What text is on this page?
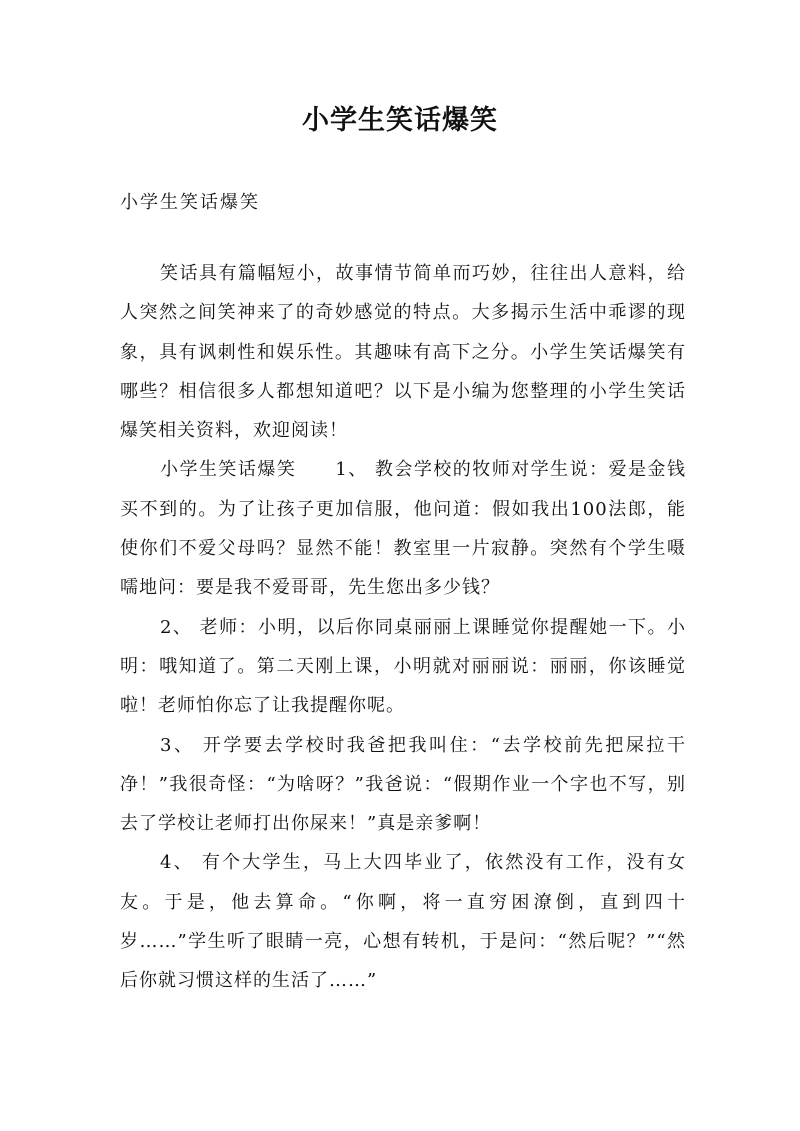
小学生笑话爆笑
小学生笑话爆笑

笑话具有篇幅短小，故事情节简单而巧妙，往往出人意料，给人突然之间笑神来了的奇妙感觉的特点。大多揭示生活中乖谬的现象，具有讽刺性和娱乐性。其趣味有高下之分。小学生笑话爆笑有哪些？相信很多人都想知道吧？以下是小编为您整理的小学生笑话爆笑相关资料，欢迎阅读！

小学生笑话爆笑　　1、 教会学校的牧师对学生说：爱是金钱买不到的。为了让孩子更加信服，他问道：假如我出100法郎，能使你们不爱父母吗？显然不能！教室里一片寂静。突然有个学生嗫嚅地问：要是我不爱哥哥，先生您出多少钱？

2、 老师：小明，以后你同桌丽丽上课睡觉你提醒她一下。小明：哦知道了。第二天刚上课，小明就对丽丽说：丽丽，你该睡觉啦！老师怕你忘了让我提醒你呢。

3、 开学要去学校时我爸把我叫住：“去学校前先把屎拉干净！”我很奇怪：“为啥呀？”我爸说：“假期作业一个字也不写，别去了学校让老师打出你屎来！”真是亲爹啊！

4、 有个大学生，马上大四毕业了，依然没有工作，没有女友。于是，他去算命。“你啊，将一直穷困潦倒，直到四十岁……”学生听了眼睛一亮，心想有转机，于是问：“然后呢？”“然后你就习惯这样的生活了……”
